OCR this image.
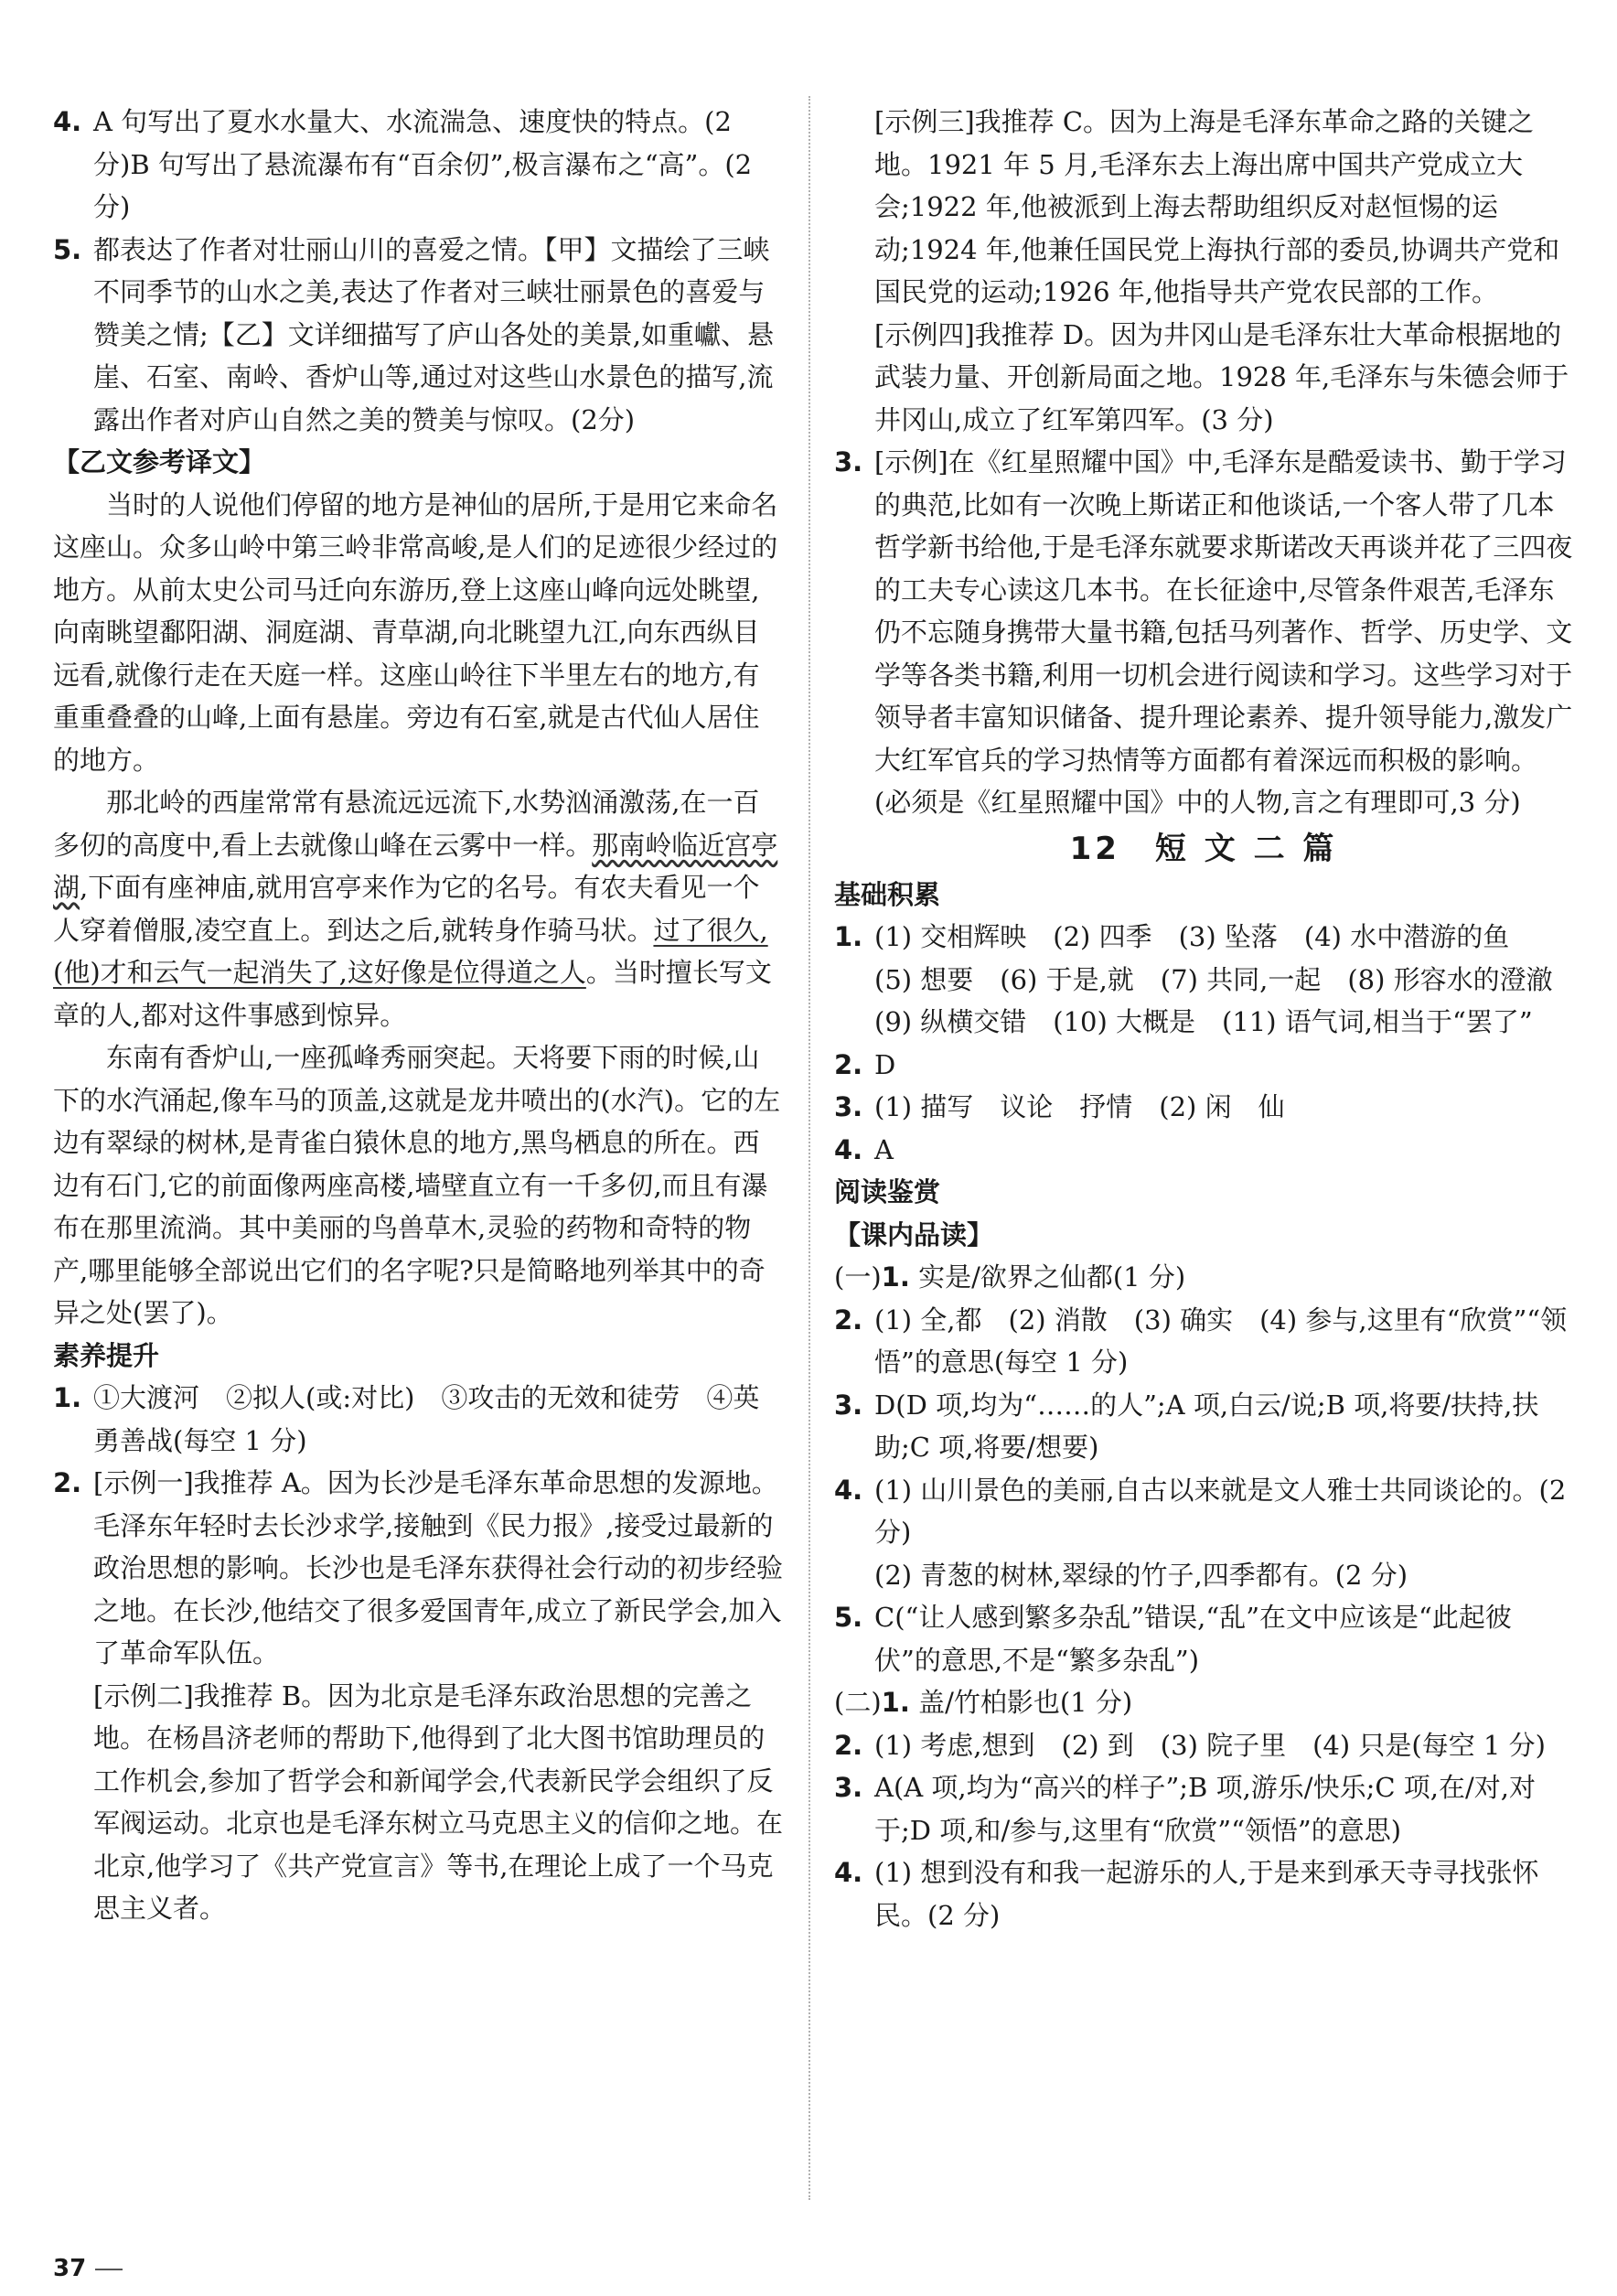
4. A 句写出了夏水水量大、水流湍急、速度快的特点。(2分)B 句写出了悬流瀑布有“百余仞”,极言瀑布之“高”。(2分)
5. 都表达了作者对壮丽山川的喜爱之情。【甲】文描绘了三峡不同季节的山水之美,表达了作者对三峡壮丽景色的喜爱与赞美之情;【乙】文详细描写了庐山各处的美景,如重巘、悬崖、石室、南岭、香炉山等,通过对这些山水景色的描写,流露出作者对庐山自然之美的赞美与惊叹。(2分)
【乙文参考译文】
当时的人说他们停留的地方是神仙的居所,于是用它来命名这座山。众多山岭中第三岭非常高峻,是人们的足迹很少经过的地方。从前太史公司马迁向东游历,登上这座山峰向远处眺望,向南眺望鄱阳湖、洞庭湖、青草湖,向北眺望九江,向东西纵目远看,就像行走在天庭一样。这座山岭往下半里左右的地方,有重重叠叠的山峰,上面有悬崖。旁边有石室,就是古代仙人居住的地方。
那北岭的西崖常常有悬流远远流下,水势汹涌激荡,在一百多仞的高度中,看上去就像山峰在云雾中一样。那南岭临近宫亭湖,下面有座神庙,就用宫亭来作为它的名号。有农夫看见一个人穿着僧服,凌空直上。到达之后,就转身作骑马状。过了很久,(他)才和云气一起消失了,这好像是位得道之人。当时擅长写文章的人,都对这件事感到惊异。
东南有香炉山,一座孤峰秀丽突起。天将要下雨的时候,山下的水汽涌起,像车马的顶盖,这就是龙井喷出的(水汽)。它的左边有翠绿的树林,是青雀白猿休息的地方,黑鸟栖息的所在。西边有石门,它的前面像两座高楼,墙壁直立有一千多仞,而且有瀑布在那里流淌。其中美丽的鸟兽草木,灵验的药物和奇特的物产,哪里能够全部说出它们的名字呢?只是简略地列举其中的奇异之处(罢了)。
素养提升
1. ①大渡河　②拟人(或:对比)　③攻击的无效和徒劳　④英勇善战(每空 1 分)
2. [示例一]我推荐 A。因为长沙是毛泽东革命思想的发源地。毛泽东年轻时去长沙求学,接触到《民力报》,接受过最新的政治思想的影响。长沙也是毛泽东获得社会行动的初步经验之地。在长沙,他结交了很多爱国青年,成立了新民学会,加入了革命军队伍。
[示例二]我推荐 B。因为北京是毛泽东政治思想的完善之地。在杨昌济老师的帮助下,他得到了北大图书馆助理员的工作机会,参加了哲学会和新闻学会,代表新民学会组织了反军阀运动。北京也是毛泽东树立马克思主义的信仰之地。在北京,他学习了《共产党宣言》等书,在理论上成了一个马克思主义者。
[示例三]我推荐 C。因为上海是毛泽东革命之路的关键之地。1921 年 5 月,毛泽东去上海出席中国共产党成立大会;1922 年,他被派到上海去帮助组织反对赵恒惕的运动;1924 年,他兼任国民党上海执行部的委员,协调共产党和国民党的运动;1926 年,他指导共产党农民部的工作。
[示例四]我推荐 D。因为井冈山是毛泽东壮大革命根据地的武装力量、开创新局面之地。1928 年,毛泽东与朱德会师于井冈山,成立了红军第四军。(3 分)
3. [示例]在《红星照耀中国》中,毛泽东是酷爱读书、勤于学习的典范,比如有一次晚上斯诺正和他谈话,一个客人带了几本哲学新书给他,于是毛泽东就要求斯诺改天再谈并花了三四夜的工夫专心读这几本书。在长征途中,尽管条件艰苦,毛泽东仍不忘随身携带大量书籍,包括马列著作、哲学、历史学、文学等各类书籍,利用一切机会进行阅读和学习。这些学习对于领导者丰富知识储备、提升理论素养、提升领导能力,激发广大红军官兵的学习热情等方面都有着深远而积极的影响。(必须是《红星照耀中国》中的人物,言之有理即可,3 分)
12　短 文 二 篇
基础积累
1. (1) 交相辉映　(2) 四季　(3) 坠落　(4) 水中潜游的鱼　(5) 想要　(6) 于是,就　(7) 共同,一起　(8) 形容水的澄澈　(9) 纵横交错　(10) 大概是　(11) 语气词,相当于“罢了”
2. D
3. (1) 描写　议论　抒情　(2) 闲　仙
4. A
阅读鉴赏
【课内品读】
(一)1. 实是/欲界之仙都(1 分)
2. (1) 全,都　(2) 消散　(3) 确实　(4) 参与,这里有“欣赏”“领悟”的意思(每空 1 分)
3. D(D 项,均为“……的人”;A 项,白云/说;B 项,将要/扶持,扶助;C 项,将要/想要)
4. (1) 山川景色的美丽,自古以来就是文人雅士共同谈论的。(2 分)
(2) 青葱的树林,翠绿的竹子,四季都有。(2 分)
5. C(“让人感到繁多杂乱”错误,“乱”在文中应该是“此起彼伏”的意思,不是“繁多杂乱”)
(二)1. 盖/竹柏影也(1 分)
2. (1) 考虑,想到　(2) 到　(3) 院子里　(4) 只是(每空 1 分)
3. A(A 项,均为“高兴的样子”;B 项,游乐/快乐;C 项,在/对,对于;D 项,和/参与,这里有“欣赏”“领悟”的意思)
4. (1) 想到没有和我一起游乐的人,于是来到承天寺寻找张怀民。(2 分)
37
